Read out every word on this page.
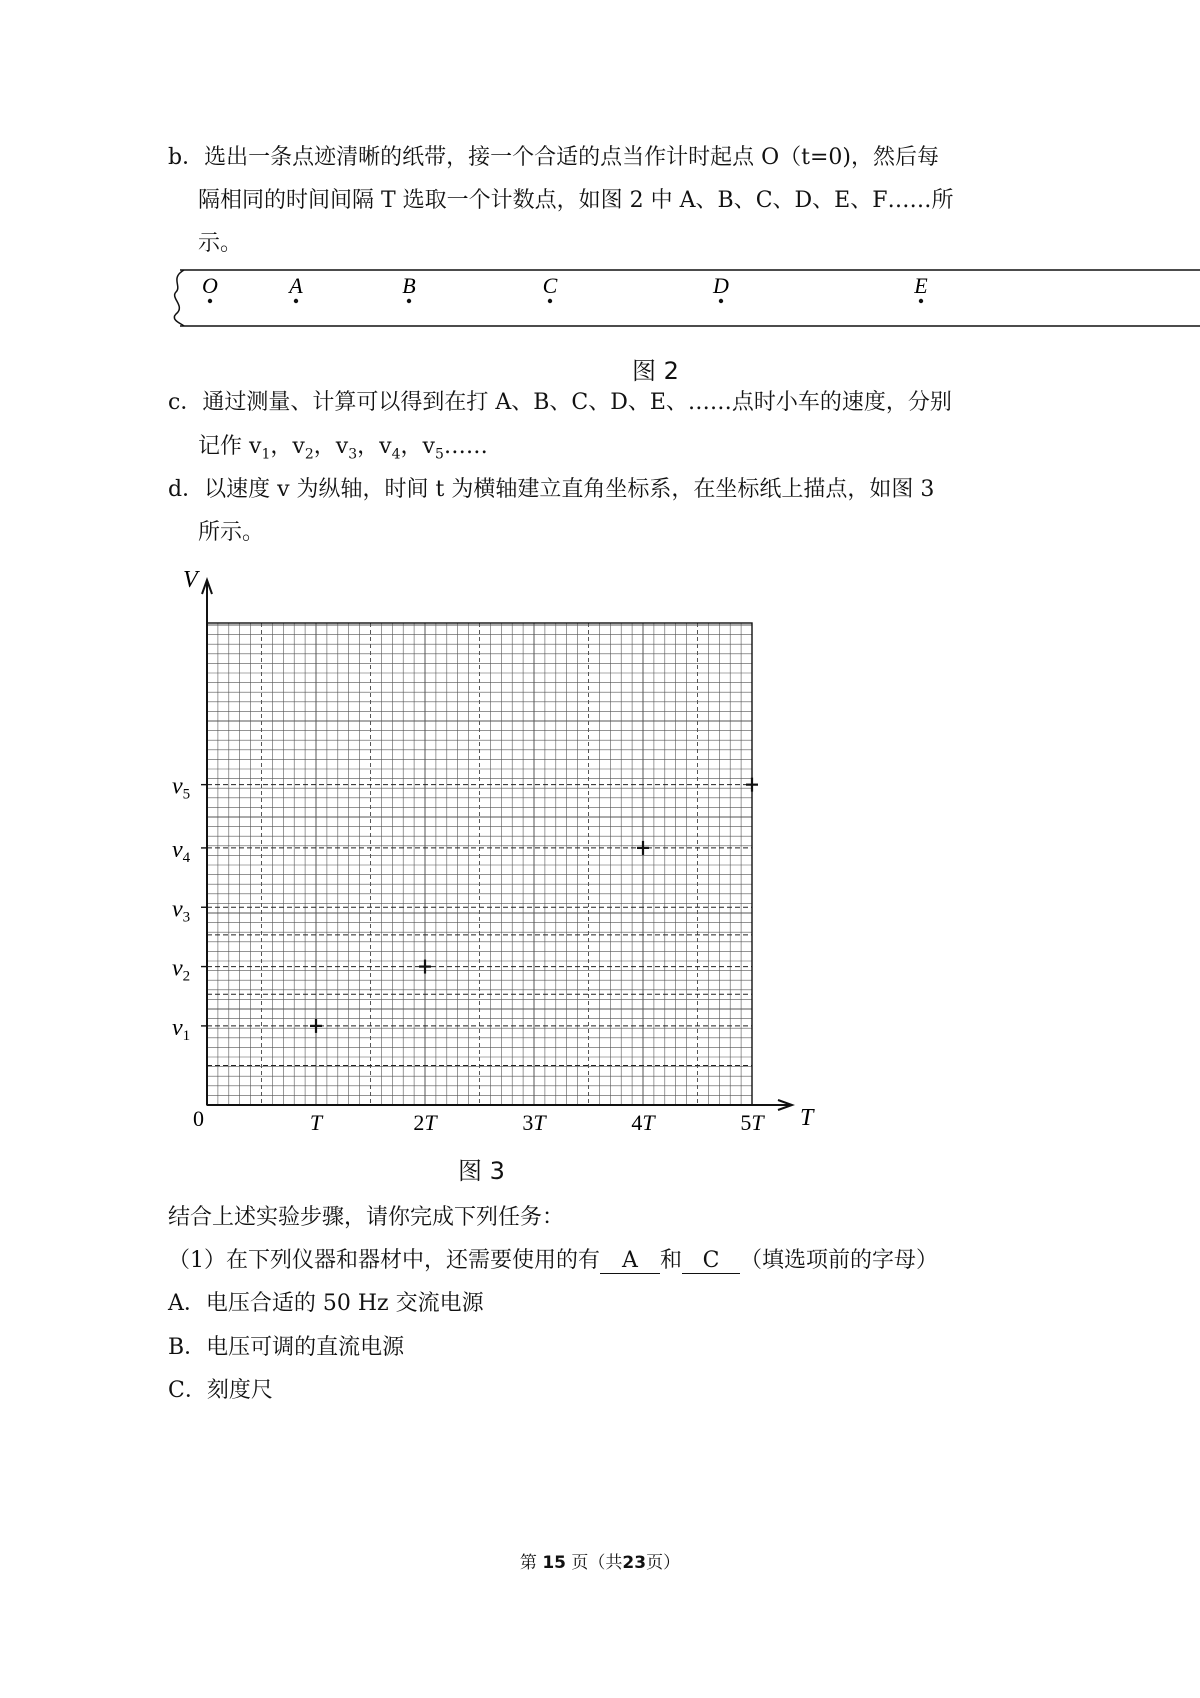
b．选出一条点迹清晰的纸带，接一个合适的点当作计时起点 O（t=0)，然后每
隔相同的时间间隔 T 选取一个计数点，如图 2 中 A、B、C、D、E、F……所
示。
O	A	B	C	D	E
图 2
c．通过测量、计算可以得到在打 A、B、C、D、E、……点时小车的速度，分别
记作 $v_1$，$v_2$，$v_3$，$v_4$，$v_5\dots\dots$
d．以速度 v 为纵轴，时间 t 为横轴建立直角坐标系，在坐标纸上描点，如图 3
所示。
V
T
0	T	2T	3T	4T	5T
$v_1$
$v_2$
$v_3$
$v_4$
$v_5$
图 3
结合上述实验步骤，请你完成下列任务：
（1）在下列仪器和器材中，还需要使用的有 A 和 C （填选项前的字母）
A．电压合适的 50 Hz 交流电源
B．电压可调的直流电源
C．刻度尺
第 15 页（共23页）
